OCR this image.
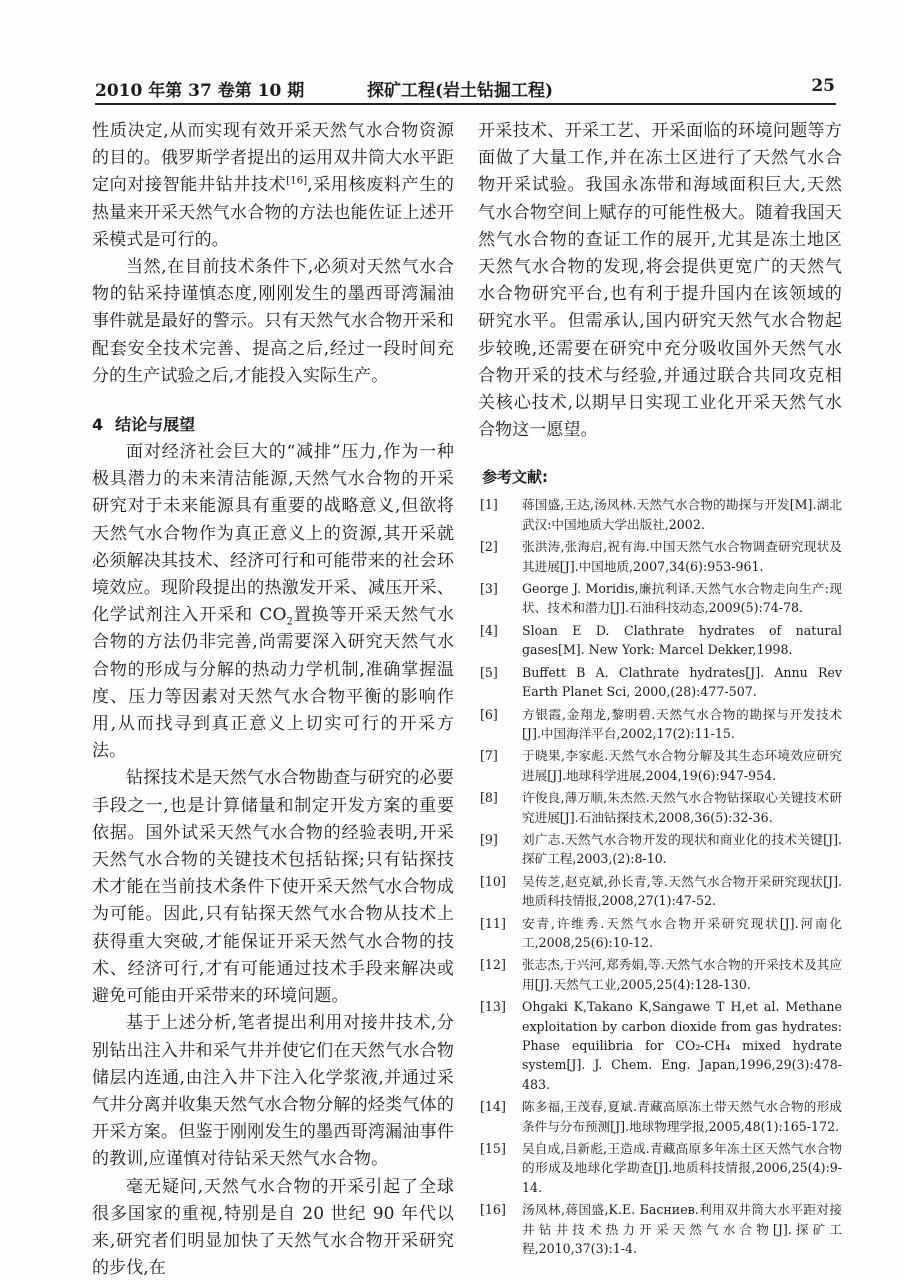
2010 年第 37 卷第 10 期	探矿工程(岩土钻掘工程)	25

性质决定,从而实现有效开采天然气水合物资源的目的。俄罗斯学者提出的运用双井筒大水平距定向对接智能井钻井技术[16],采用核废料产生的热量来开采天然气水合物的方法也能佐证上述开采模式是可行的。

当然,在目前技术条件下,必须对天然气水合物的钻采持谨慎态度,刚刚发生的墨西哥湾漏油事件就是最好的警示。只有天然气水合物开采和配套安全技术完善、提高之后,经过一段时间充分的生产试验之后,才能投入实际生产。

4 结论与展望

面对经济社会巨大的“减排”压力,作为一种极具潜力的未来清洁能源,天然气水合物的开采研究对于未来能源具有重要的战略意义,但欲将天然气水合物作为真正意义上的资源,其开采就必须解决其技术、经济可行和可能带来的社会环境效应。现阶段提出的热激发开采、减压开采、化学试剂注入开采和 $CO_2$置换等开采天然气水合物的方法仍非完善,尚需要深入研究天然气水合物的形成与分解的热动力学机制,准确掌握温度、压力等因素对天然气水合物平衡的影响作用,从而找寻到真正意义上切实可行的开采方法。

钻探技术是天然气水合物勘查与研究的必要手段之一,也是计算储量和制定开发方案的重要依据。国外试采天然气水合物的经验表明,开采天然气水合物的关键技术包括钻探;只有钻探技术才能在当前技术条件下使开采天然气水合物成为可能。因此,只有钻探天然气水合物从技术上获得重大突破,才能保证开采天然气水合物的技术、经济可行,才有可能通过技术手段来解决或避免可能由开采带来的环境问题。

基于上述分析,笔者提出利用对接井技术,分别钻出注入井和采气井并使它们在天然气水合物储层内连通,由注入井下注入化学浆液,并通过采气井分离并收集天然气水合物分解的烃类气体的开采方案。但鉴于刚刚发生的墨西哥湾漏油事件的教训,应谨慎对待钻采天然气水合物。

毫无疑问,天然气水合物的开采引起了全球很多国家的重视,特别是自 20 世纪 90 年代以来,研究者们明显加快了天然气水合物开采研究的步伐,在

开采技术、开采工艺、开采面临的环境问题等方面做了大量工作,并在冻土区进行了天然气水合物开采试验。我国永冻带和海域面积巨大,天然气水合物空间上赋存的可能性极大。随着我国天然气水合物的查证工作的展开,尤其是冻土地区天然气水合物的发现,将会提供更宽广的天然气水合物研究平台,也有利于提升国内在该领域的研究水平。但需承认,国内研究天然气水合物起步较晚,还需要在研究中充分吸收国外天然气水合物开采的技术与经验,并通过联合共同攻克相关核心技术,以期早日实现工业化开采天然气水合物这一愿望。

参考文献:
[1]	蒋国盛,王达,汤凤林.天然气水合物的勘探与开发[M].湖北武汉:中国地质大学出版社,2002.
[2]	张洪涛,张海启,祝有海.中国天然气水合物调查研究现状及其进展[J].中国地质,2007,34(6):953-961.
[3]	George J. Moridis,廉抗利译.天然气水合物走向生产:现状、技术和潜力[J].石油科技动态,2009(5):74-78.
[4]	Sloan E D. Clathrate hydrates of natural gases[M]. New York: Marcel Dekker,1998.
[5]	Buffett B A. Clathrate hydrates[J]. Annu Rev Earth Planet Sci, 2000,(28):477-507.
[6]	方银霞,金翔龙,黎明碧.天然气水合物的勘探与开发技术[J].中国海洋平台,2002,17(2):11-15.
[7]	于晓果,李家彪.天然气水合物分解及其生态环境效应研究进展[J].地球科学进展,2004,19(6):947-954.
[8]	许俊良,薄万顺,朱杰然.天然气水合物钻探取心关键技术研究进展[J].石油钻探技术,2008,36(5):32-36.
[9]	刘广志.天然气水合物开发的现状和商业化的技术关键[J].探矿工程,2003,(2):8-10.
[10]	吴传芝,赵克斌,孙长青,等.天然气水合物开采研究现状[J].地质科技情报,2008,27(1):47-52.
[11]	安青,许维秀.天然气水合物开采研究现状[J].河南化工,2008,25(6):10-12.
[12]	张志杰,于兴河,郑秀娟,等.天然气水合物的开采技术及其应用[J].天然气工业,2005,25(4):128-130.
[13]	Ohgaki K,Takano K,Sangawe T H,et al. Methane exploitation by carbon dioxide from gas hydrates: Phase equilibria for CO₂-CH₄ mixed hydrate system[J]. J. Chem. Eng. Japan,1996,29(3):478-483.
[14]	陈多福,王茂春,夏斌.青藏高原冻土带天然气水合物的形成条件与分布预测[J].地球物理学报,2005,48(1):165-172.
[15]	吴自成,吕新彪,王造成.青藏高原多年冻土区天然气水合物的形成及地球化学勘查[J].地质科技情报,2006,25(4):9-14.
[16]	汤凤林,蒋国盛,K.E. Басниев.利用双井筒大水平距对接井钻井技术热力开采天然气水合物[J].探矿工程,2010,37(3):1-4.
